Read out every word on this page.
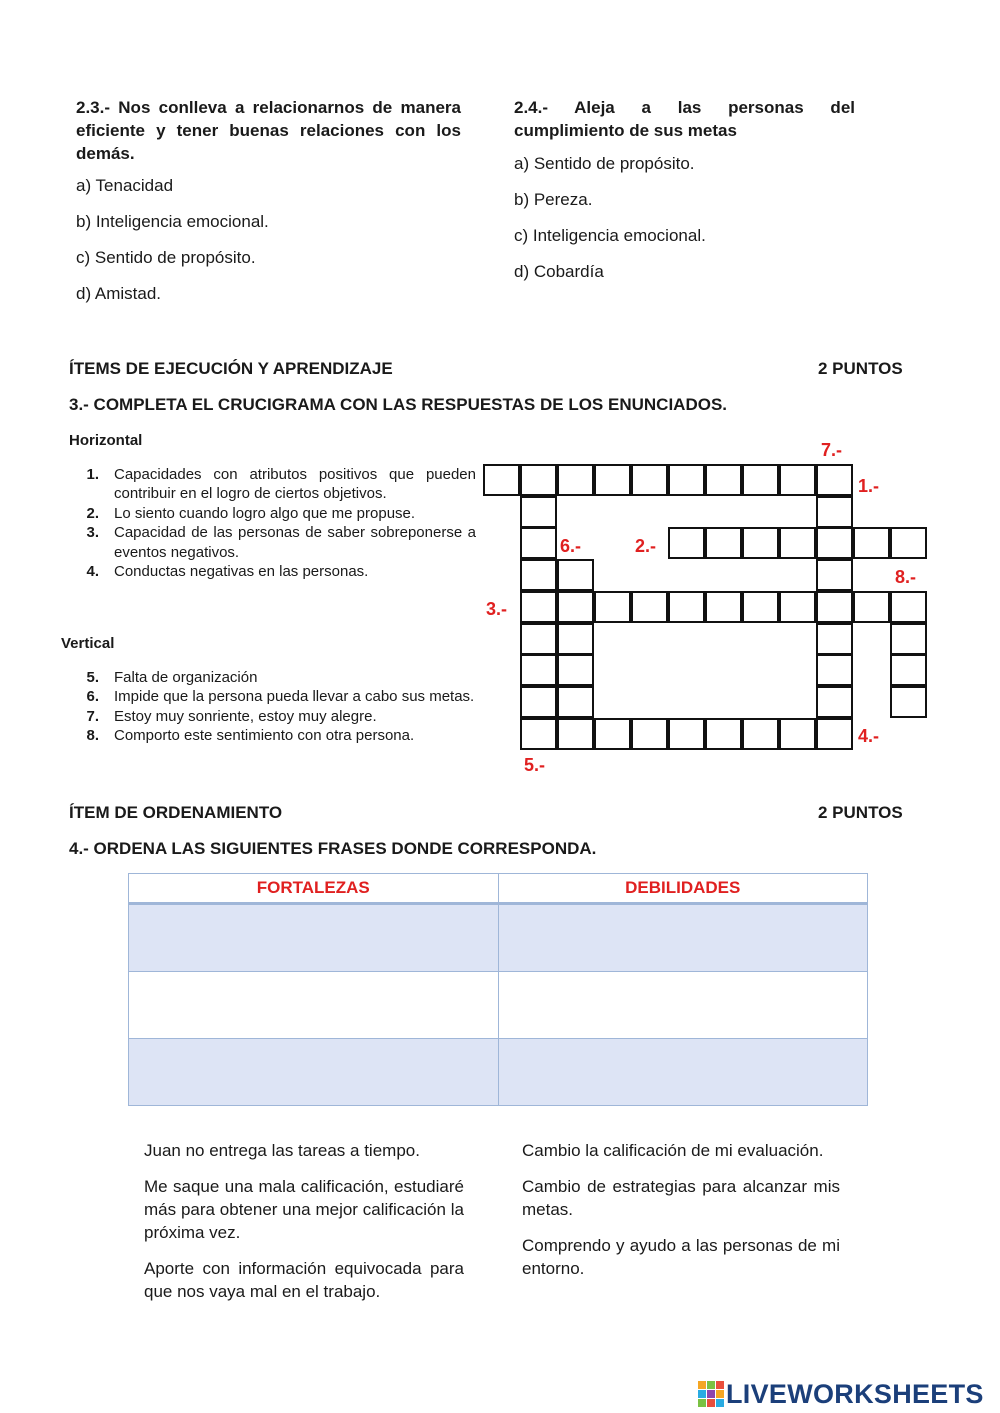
2.3.- Nos conlleva a relacionarnos de manera eficiente y tener buenas relaciones con los demás.
a) Tenacidad
b) Inteligencia emocional.
c) Sentido de propósito.
d) Amistad.
2.4.- Aleja a las personas del cumplimiento de sus metas
a) Sentido de propósito.
b) Pereza.
c) Inteligencia emocional.
d) Cobardía
ÍTEMS DE EJECUCIÓN Y APRENDIZAJE	2 PUNTOS
3.- COMPLETA EL CRUCIGRAMA CON LAS RESPUESTAS DE LOS ENUNCIADOS.
Horizontal
1. Capacidades con atributos positivos que pueden contribuir en el logro de ciertos objetivos.
2. Lo siento cuando logro algo que me propuse.
3. Capacidad de las personas de saber sobreponerse a eventos negativos.
4. Conductas negativas en las personas.
Vertical
5. Falta de organización
6. Impide que la persona pueda llevar a cabo sus metas.
7. Estoy muy sonriente, estoy muy alegre.
8. Comporto este sentimiento con otra persona.
7.-
1.-
6.-	2.-
8.-
3.-
4.-
5.-
ÍTEM DE ORDENAMIENTO	2 PUNTOS
4.- ORDENA LAS SIGUIENTES FRASES DONDE CORRESPONDA.
FORTALEZAS	DEBILIDADES

Juan no entrega las tareas a tiempo.
Me saque una mala calificación, estudiaré más para obtener una mejor calificación la próxima vez.
Aporte con información equivocada para que nos vaya mal en el trabajo.
Cambio la calificación de mi evaluación.
Cambio de estrategias para alcanzar mis metas.
Comprendo y ayudo a las personas de mi entorno.
LIVEWORKSHEETS
